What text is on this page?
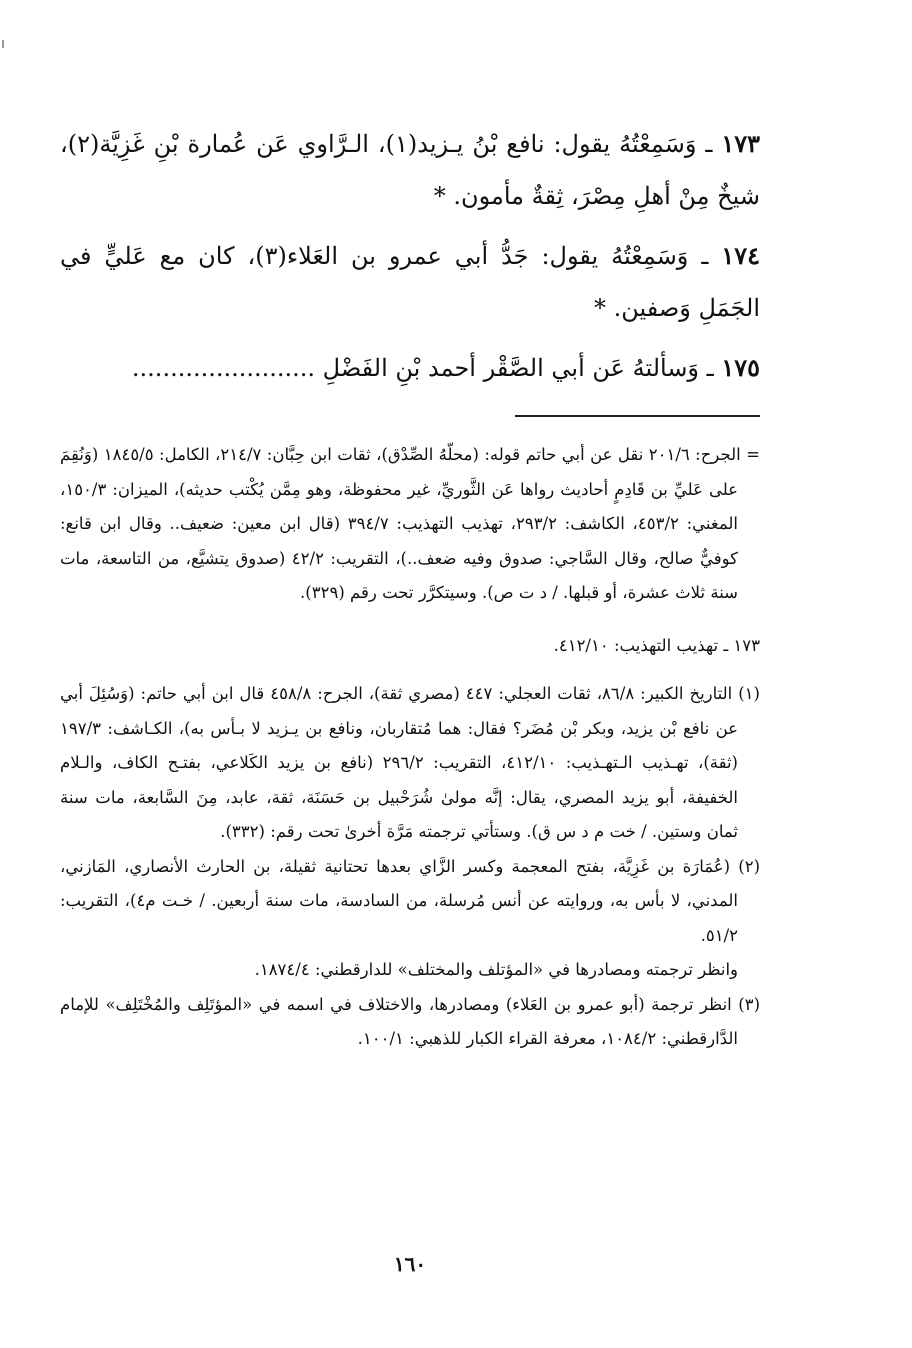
١٧٣ ـ وَسَمِعْتُهُ يقول: نافع بْنُ يـزيد(١)، الـرَّاوي عَن عُمارة بْنِ غَزِيَّة(٢)، شيخٌ مِنْ أهلِ مِصْرَ، ثِقةٌ مأمون. *

١٧٤ ـ وَسَمِعْتُهُ يقول: جَدُّ أبي عمرو بن العَلاء(٣)، كان مع عَليٍّ في الجَمَلِ وَصفين. *

١٧٥ ـ وَسألتهُ عَن أبي الصَّقْر أحمد بْنِ الفَضْلِ ........................

= الجرح: ٢٠١/٦ نقل عن أبي حاتم قوله: (محلّهُ الصِّدْق)، ثقات ابن حِبَّان: ٢١٤/٧، الكامل: ١٨٤٥/٥ (وَنُقِمَ على عَليِّ بن قَادِمٍ أحاديث رواها عَن الثَّوريِّ، غير محفوظة، وهو مِمَّن يُكْتب حديثه)، الميزان: ١٥٠/٣، المغني: ٤٥٣/٢، الكاشف: ٢٩٣/٢، تهذيب التهذيب: ٣٩٤/٧ (قال ابن معين: ضعيف.. وقال ابن قانع: كوفيٌّ صالح، وقال السَّاجي: صدوق وفيه ضعف..)، التقريب: ٤٢/٢ (صدوق يتشيَّع، من التاسعة، مات سنة ثلاث عشرة، أو قبلها. / د ت ص). وسيتكرَّر تحت رقم (٣٢٩).

١٧٣ ـ تهذيب التهذيب: ٤١٢/١٠.

(١) التاريخ الكبير: ٨٦/٨، ثقات العجلي: ٤٤٧ (مصري ثقة)، الجرح: ٤٥٨/٨ قال ابن أبي حاتم: (وَسُئِلَ أبي عن نافع بْن يزيد، وبكر بْن مُضَر؟ فقال: هما مُتقاربان، ونافع بن يـزيد لا بـأس به)، الكـاشف: ١٩٧/٣ (ثقة)، تهـذيب الـتهـذيب: ٤١٢/١٠، التقريب: ٢٩٦/٢ (نافع بن يزيد الكَلاعي، بفتـح الكاف، والـلام الخفيفة، أبو يزيد المصري، يقال: إنَّه مولىٰ شُرَحْبيل بن حَسَنَة، ثقة، عابد، مِنَ السَّابعة، مات سنة ثمان وستين. / خت م د س ق). وستأتي ترجمته مَرَّة أخرىٰ تحت رقم: (٣٣٢).

(٢) (عُمَارَة بن غَزِيَّة، بفتح المعجمة وكسر الزَّاي بعدها تحتانية ثقيلة، بن الحارث الأنصاري، المَازني، المدني، لا بأس به، وروايته عن أنس مُرسلة، من السادسة، مات سنة أربعين. / خـت م٤)، التقريب: ٥١/٢.

وانظر ترجمته ومصادرها في «المؤتلف والمختلف» للدارقطني: ١٨٧٤/٤.

(٣) انظر ترجمة (أبو عمرو بن العَلاء) ومصادرها، والاختلاف في اسمه في «المؤتَلِف والمُخْتَلِف» للإمام الدَّارقطني: ١٠٨٤/٢، معرفة القراء الكبار للذهبي: ١٠٠/١.

١٦٠
